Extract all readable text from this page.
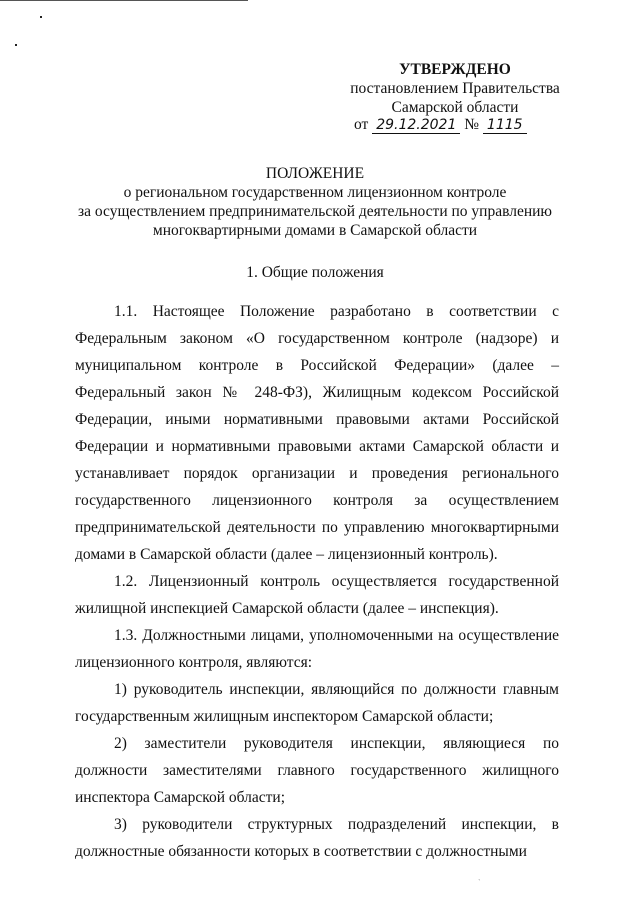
УТВЕРЖДЕНО
постановлением Правительства
Самарской области
от 29.12.2021 № 1115
ПОЛОЖЕНИЕ
о региональном государственном лицензионном контроле
за осуществлением предпринимательской деятельности по управлению
многоквартирными домами в Самарской области
1. Общие положения

1.1. Настоящее Положение разработано в соответствии с Федеральным законом «О государственном контроле (надзоре) и муниципальном контроле в Российской Федерации» (далее – Федеральный закон № 248-ФЗ), Жилищным кодексом Российской Федерации, иными нормативными правовыми актами Российской Федерации и нормативными правовыми актами Самарской области и устанавливает порядок организации и проведения регионального государственного лицензионного контроля за осуществлением предпринимательской деятельности по управлению многоквартирными домами в Самарской области (далее – лицензионный контроль).

1.2. Лицензионный контроль осуществляется государственной жилищной инспекцией Самарской области (далее – инспекция).

1.3. Должностными лицами, уполномоченными на осуществление лицензионного контроля, являются:

1) руководитель инспекции, являющийся по должности главным государственным жилищным инспектором Самарской области;

2) заместители руководителя инспекции, являющиеся по должности заместителями главного государственного жилищного инспектора Самарской области;

3) руководители структурных подразделений инспекции, в должностные обязанности которых в соответствии с должностными

ˋ
